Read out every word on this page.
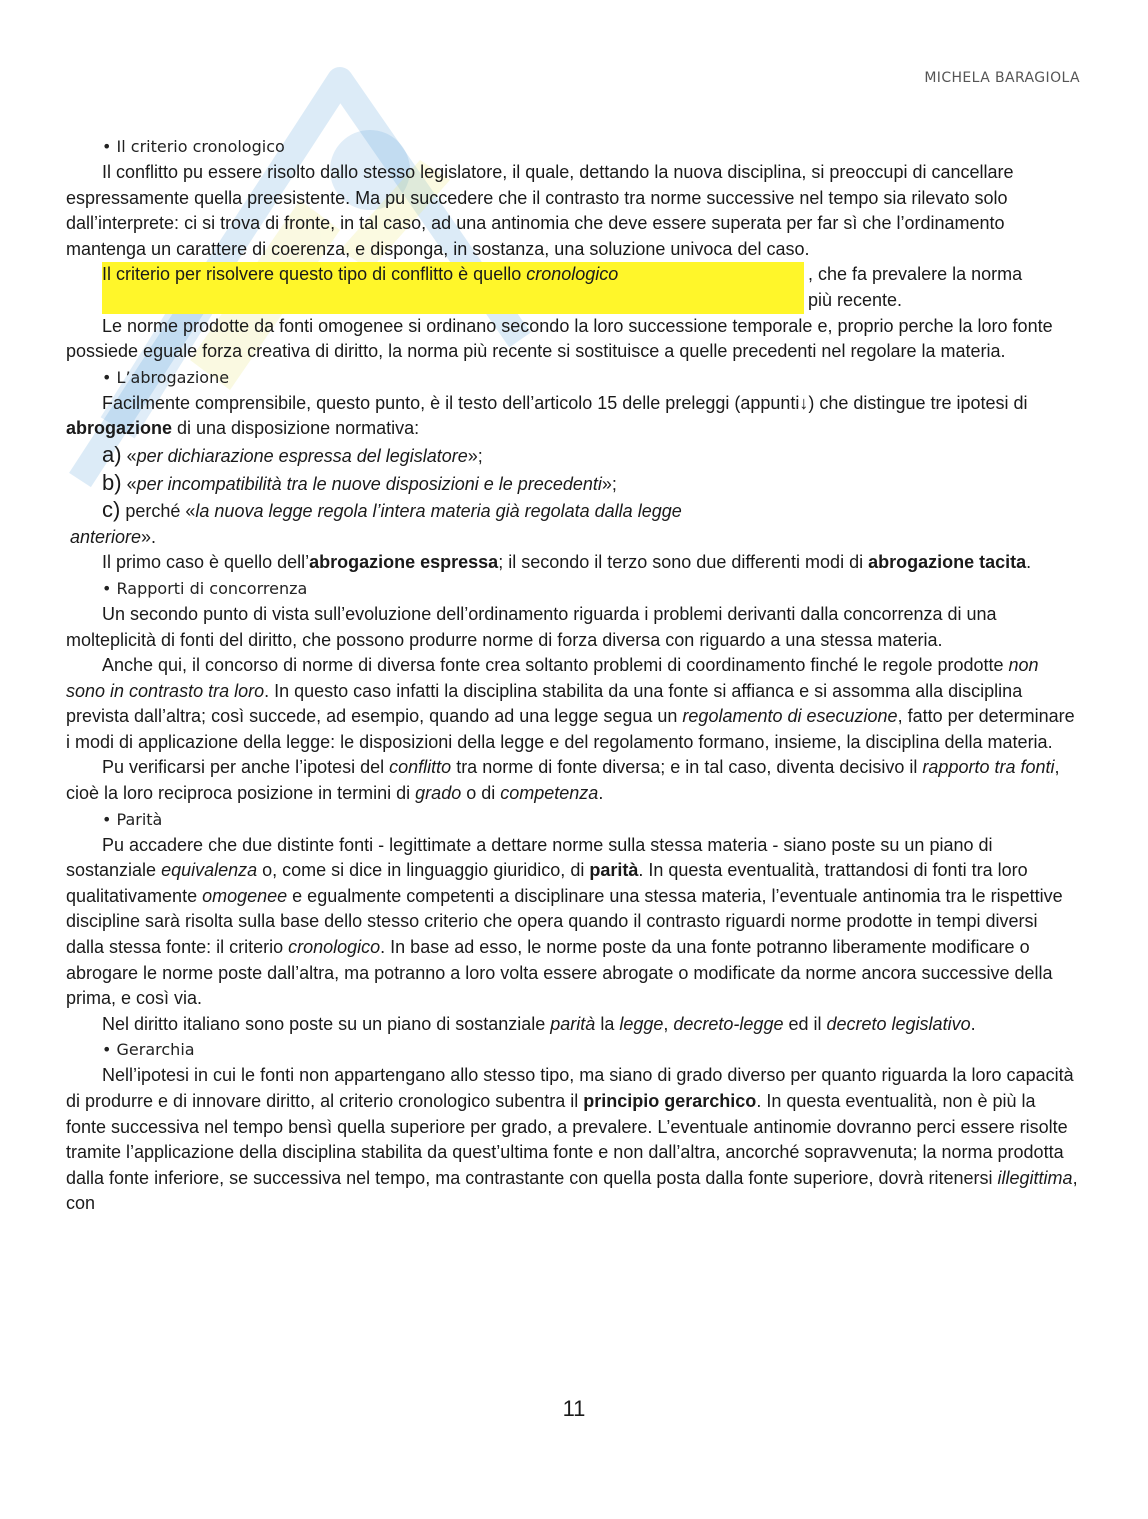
MICHELA BARAGIOLA
• Il criterio cronologico

Il conflitto pu essere risolto dallo stesso legislatore, il quale, dettando la nuova disciplina, si preoccupi di cancellare espressamente quella preesistente. Ma pu succedere che il contrasto tra norme successive nel tempo sia rilevato solo dall’interprete: ci si trova di fronte, in tal caso, ad una antinomia che deve essere superata per far sì che l’ordinamento mantenga un carattere di coerenza, e disponga, in sostanza, una soluzione univoca del caso.

Il criterio per risolvere questo tipo di conflitto è quello cronologico	, che fa prevalere la norma
più recente.

Le norme prodotte da fonti omogenee si ordinano secondo la loro successione temporale e, proprio perche la loro fonte possiede eguale forza creativa di diritto, la norma più recente si sostituisce a quelle precedenti nel regolare la materia.

• L’abrogazione

Facilmente comprensibile, questo punto, è il testo dell’articolo 15 delle preleggi (appunti↓) che distingue tre ipotesi di abrogazione di una disposizione normativa:

a) «per dichiarazione espressa del legislatore»;
b) «per incompatibilità tra le nuove disposizioni e le precedenti»;
c) perché «la nuova legge regola l’intera materia già regolata dalla legge
anteriore».

Il primo caso è quello dell’abrogazione espressa; il secondo il terzo sono due differenti modi di abrogazione tacita.

• Rapporti di concorrenza

Un secondo punto di vista sull’evoluzione dell’ordinamento riguarda i problemi derivanti dalla concorrenza di una molteplicità di fonti del diritto, che possono produrre norme di forza diversa con riguardo a una stessa materia.

Anche qui, il concorso di norme di diversa fonte crea soltanto problemi di coordinamento finché le regole prodotte non sono in contrasto tra loro. In questo caso infatti la disciplina stabilita da una fonte si affianca e si assomma alla disciplina prevista dall’altra; così succede, ad esempio, quando ad una legge segua un regolamento di esecuzione, fatto per determinare i modi di applicazione della legge: le disposizioni della legge e del regolamento formano, insieme, la disciplina della materia.

Pu verificarsi per anche l’ipotesi del conflitto tra norme di fonte diversa; e in tal caso, diventa decisivo il rapporto tra fonti, cioè la loro reciproca posizione in termini di grado o di competenza.

• Parità

Pu accadere che due distinte fonti - legittimate a dettare norme sulla stessa materia - siano poste su un piano di sostanziale equivalenza o, come si dice in linguaggio giuridico, di parità. In questa eventualità, trattandosi di fonti tra loro qualitativamente omogenee e egualmente competenti a disciplinare una stessa materia, l’eventuale antinomia tra le rispettive discipline sarà risolta sulla base dello stesso criterio che opera quando il contrasto riguardi norme prodotte in tempi diversi dalla stessa fonte: il criterio cronologico. In base ad esso, le norme poste da una fonte potranno liberamente modificare o abrogare le norme poste dall’altra, ma potranno a loro volta essere abrogate o modificate da norme ancora successive della prima, e così via.

Nel diritto italiano sono poste su un piano di sostanziale parità la legge, decreto-legge ed il decreto legislativo.

• Gerarchia

Nell’ipotesi in cui le fonti non appartengano allo stesso tipo, ma siano di grado diverso per quanto riguarda la loro capacità di produrre e di innovare diritto, al criterio cronologico subentra il principio gerarchico. In questa eventualità, non è più la fonte successiva nel tempo bensì quella superiore per grado, a prevalere. L’eventuale antinomie dovranno perci essere risolte tramite l’applicazione della disciplina stabilita da quest’ultima fonte e non dall’altra, ancorché sopravvenuta; la norma prodotta dalla fonte inferiore, se successiva nel tempo, ma contrastante con quella posta dalla fonte superiore, dovrà ritenersi illegittima, con

11
